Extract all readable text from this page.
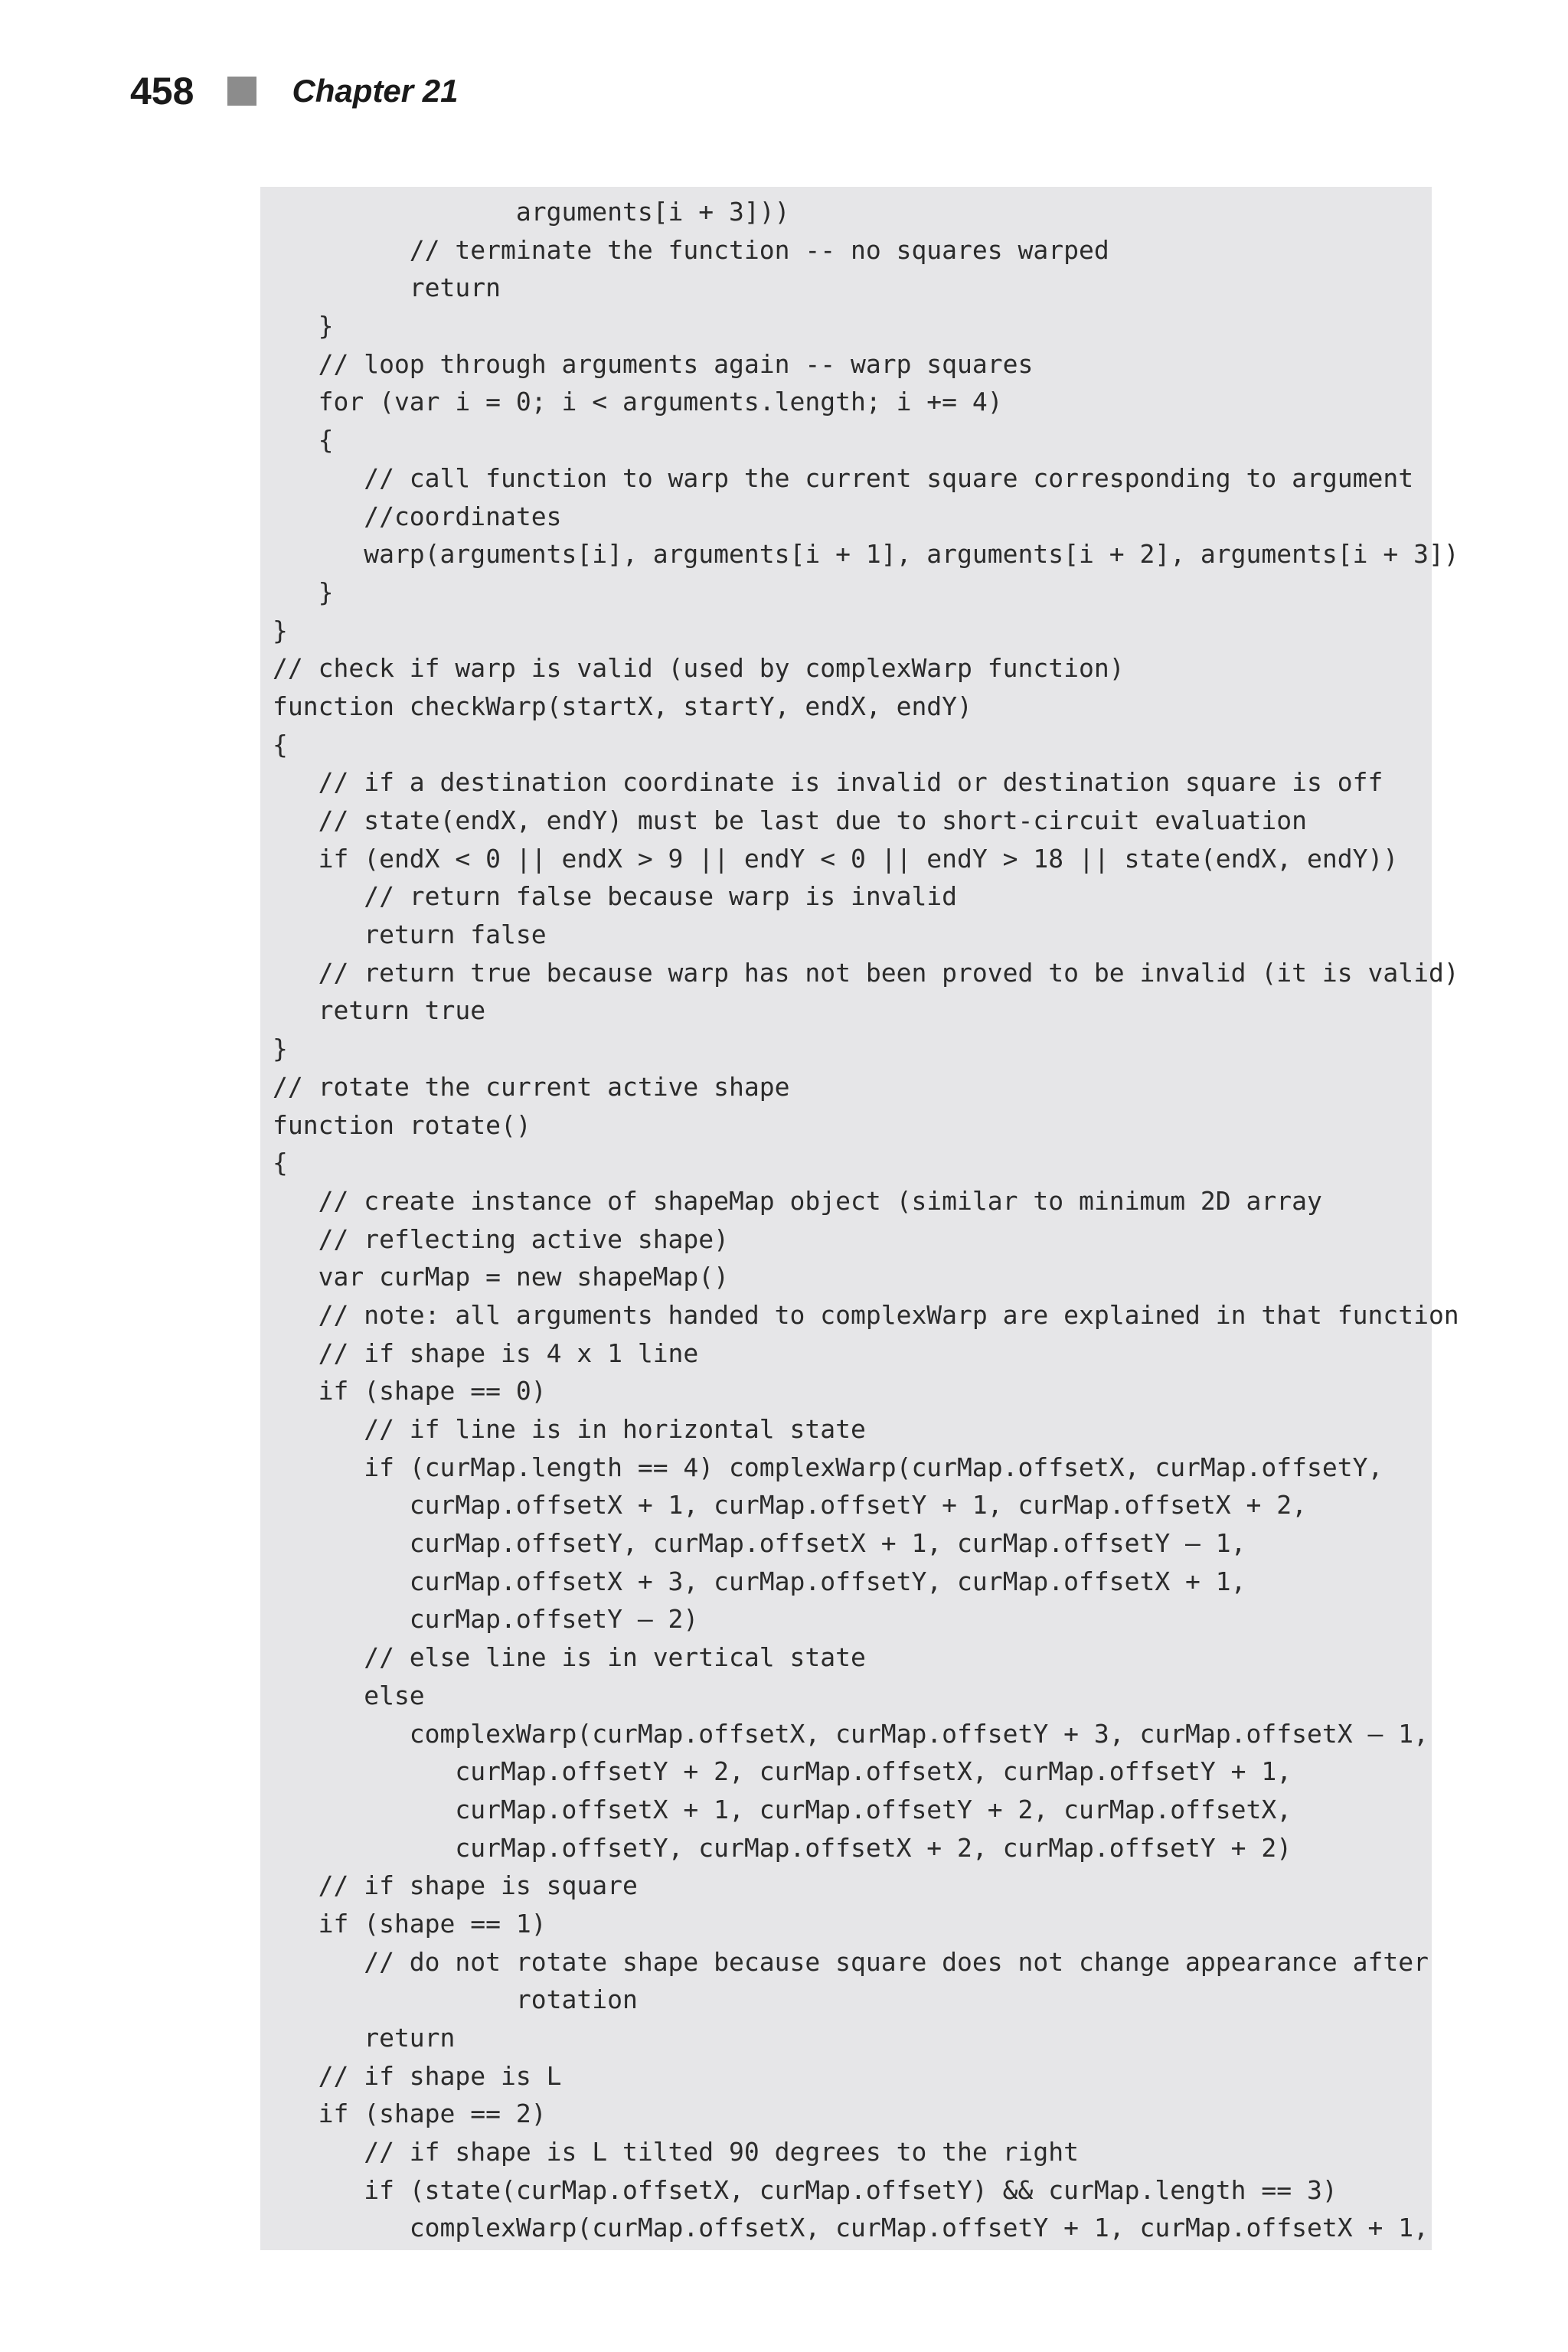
458	Chapter 21
arguments[i + 3]))
// terminate the function -- no squares warped
return
}
// loop through arguments again -- warp squares
for (var i = 0; i < arguments.length; i += 4)
{
// call function to warp the current square corresponding to argument
//coordinates
warp(arguments[i], arguments[i + 1], arguments[i + 2], arguments[i + 3])
}
}
// check if warp is valid (used by complexWarp function)
function checkWarp(startX, startY, endX, endY)
{
// if a destination coordinate is invalid or destination square is off
// state(endX, endY) must be last due to short-circuit evaluation
if (endX < 0 || endX > 9 || endY < 0 || endY > 18 || state(endX, endY))
// return false because warp is invalid
return false
// return true because warp has not been proved to be invalid (it is valid)
return true
}
// rotate the current active shape
function rotate()
{
// create instance of shapeMap object (similar to minimum 2D array
// reflecting active shape)
var curMap = new shapeMap()
// note: all arguments handed to complexWarp are explained in that function
// if shape is 4 x 1 line
if (shape == 0)
// if line is in horizontal state
if (curMap.length == 4) complexWarp(curMap.offsetX, curMap.offsetY,
curMap.offsetX + 1, curMap.offsetY + 1, curMap.offsetX + 2,
curMap.offsetY, curMap.offsetX + 1, curMap.offsetY – 1,
curMap.offsetX + 3, curMap.offsetY, curMap.offsetX + 1,
curMap.offsetY – 2)
// else line is in vertical state
else
complexWarp(curMap.offsetX, curMap.offsetY + 3, curMap.offsetX – 1,
curMap.offsetY + 2, curMap.offsetX, curMap.offsetY + 1,
curMap.offsetX + 1, curMap.offsetY + 2, curMap.offsetX,
curMap.offsetY, curMap.offsetX + 2, curMap.offsetY + 2)
// if shape is square
if (shape == 1)
// do not rotate shape because square does not change appearance after
rotation
return
// if shape is L
if (shape == 2)
// if shape is L tilted 90 degrees to the right
if (state(curMap.offsetX, curMap.offsetY) && curMap.length == 3)
complexWarp(curMap.offsetX, curMap.offsetY + 1, curMap.offsetX + 1,
